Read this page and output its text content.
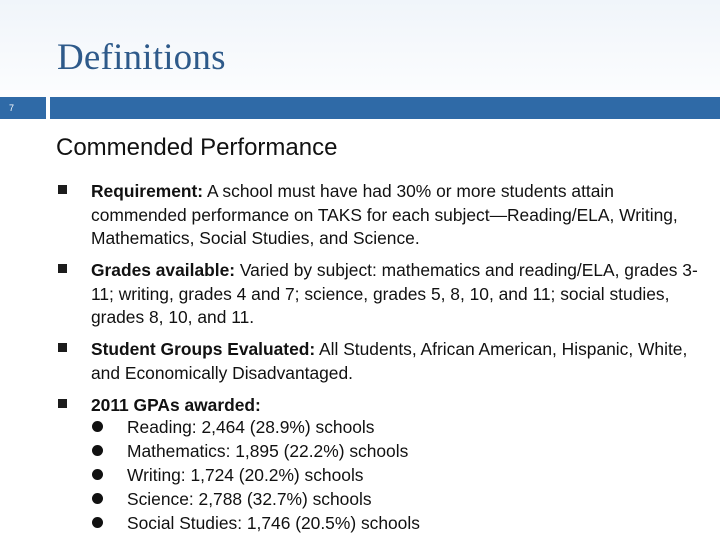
Definitions
7
Commended Performance
Requirement: A school must have had 30% or more students attain commended performance on TAKS for each subject—Reading/ELA, Writing, Mathematics, Social Studies, and Science.
Grades available: Varied by subject: mathematics and reading/ELA, grades 3-11; writing, grades 4 and 7; science, grades 5, 8, 10, and 11; social studies, grades 8, 10, and 11.
Student Groups Evaluated: All Students, African American, Hispanic, White, and Economically Disadvantaged.
2011 GPAs awarded:
Reading: 2,464 (28.9%) schools
Mathematics: 1,895 (22.2%) schools
Writing: 1,724 (20.2%) schools
Science: 2,788 (32.7%) schools
Social Studies: 1,746 (20.5%) schools
